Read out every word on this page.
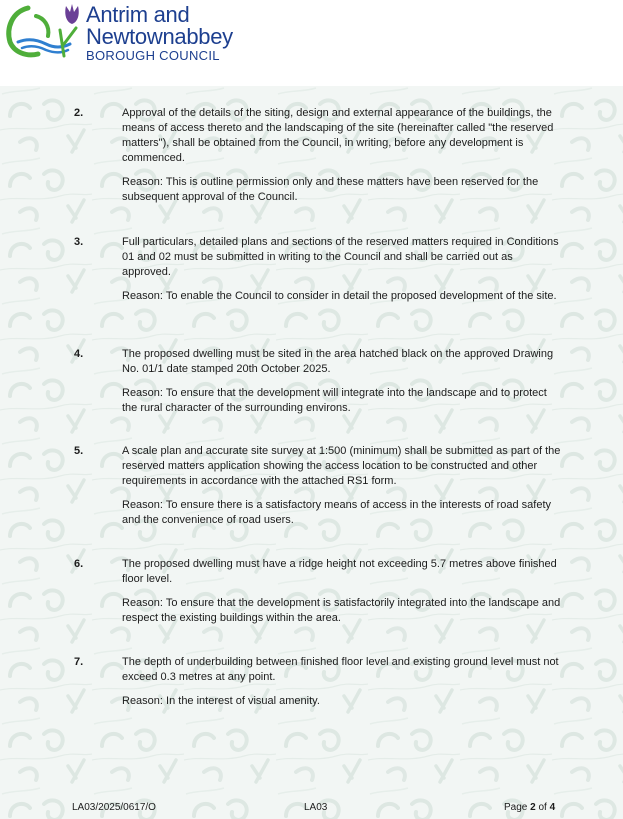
Antrim and
Newtownabbey
BOROUGH COUNCIL
2.	Approval of the details of the siting, design and external appearance of the buildings, the means of access thereto and the landscaping of the site (hereinafter called "the reserved matters"), shall be obtained from the Council, in writing, before any development is commenced.
Reason: This is outline permission only and these matters have been reserved for the subsequent approval of the Council.
3.	Full particulars, detailed plans and sections of the reserved matters required in Conditions 01 and 02 must be submitted in writing to the Council and shall be carried out as approved.
Reason: To enable the Council to consider in detail the proposed development of the site.
4.	The proposed dwelling must be sited in the area hatched black on the approved Drawing No. 01/1 date stamped 20th October 2025.
Reason: To ensure that the development will integrate into the landscape and to protect the rural character of the surrounding environs.
5.	A scale plan and accurate site survey at 1:500 (minimum) shall be submitted as part of the reserved matters application showing the access location to be constructed and other requirements in accordance with the attached RS1 form.
Reason: To ensure there is a satisfactory means of access in the interests of road safety and the convenience of road users.
6.	The proposed dwelling must have a ridge height not exceeding 5.7 metres above finished floor level.
Reason: To ensure that the development is satisfactorily integrated into the landscape and respect the existing buildings within the area.
7.	The depth of underbuilding between finished floor level and existing ground level must not exceed 0.3 metres at any point.
Reason: In the interest of visual amenity.
LA03/2025/0617/O	LA03	Page 2 of 4
